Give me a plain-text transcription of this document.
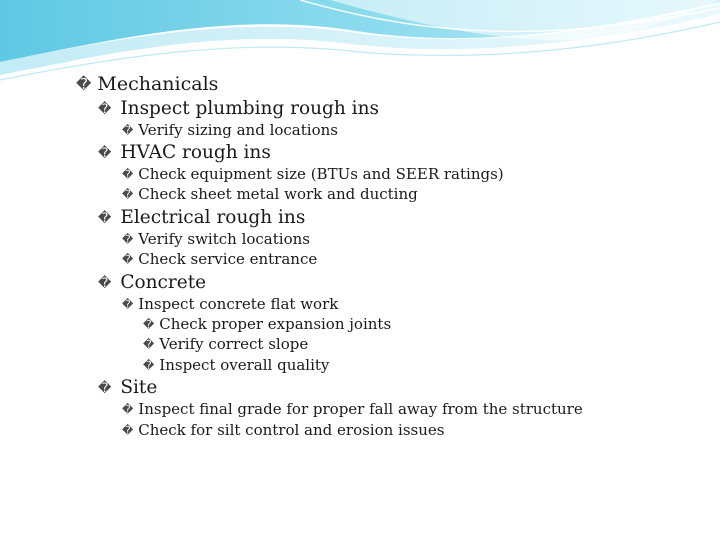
� Mechanicals
� Inspect plumbing rough ins
� Verify sizing and locations
� HVAC rough ins
� Check equipment size (BTUs and SEER ratings)
� Check sheet metal work and ducting
� Electrical rough ins
� Verify switch locations
� Check service entrance
� Concrete
� Inspect concrete flat work
� Check proper expansion joints
� Verify correct slope
� Inspect overall quality
� Site
� Inspect final grade for proper fall away from the structure
� Check for silt control and erosion issues
